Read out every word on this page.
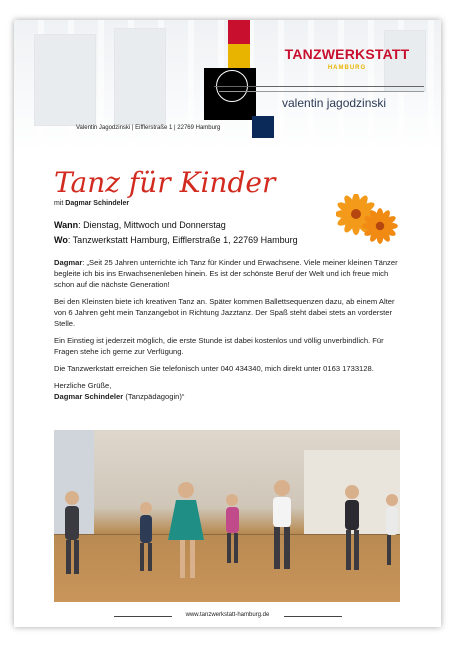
TANZWERKSTATT
HAMBURG
valentin jagodzinski
Valentin Jagodzinski | Eifflerstraße 1 | 22769 Hamburg
Tanz für Kinder
mit Dagmar Schindeler
Wann: Dienstag, Mittwoch und Donnerstag
Wo: Tanzwerkstatt Hamburg, Eifflerstraße 1, 22769 Hamburg

Dagmar: „Seit 25 Jahren unterrichte ich Tanz für Kinder und Erwachsene. Viele meiner kleinen Tänzer begleite ich bis ins Erwachsenenleben hinein. Es ist der schönste Beruf der Welt und ich freue mich schon auf die nächste Generation!

Bei den Kleinsten biete ich kreativen Tanz an. Später kommen Ballettsequenzen dazu, ab einem Alter von 6 Jahren geht mein Tanzangebot in Richtung Jazztanz. Der Spaß steht dabei stets an vorderster Stelle.

Ein Einstieg ist jederzeit möglich, die erste Stunde ist dabei kostenlos und völlig unverbindlich. Für Fragen stehe ich gerne zur Verfügung.

Die Tanzwerkstatt erreichen Sie telefonisch unter 040 434340, mich direkt unter 0163 1733128.

Herzliche Grüße,

Dagmar Schindeler (Tanzpädagogin)“

www.tanzwerkstatt-hamburg.de
